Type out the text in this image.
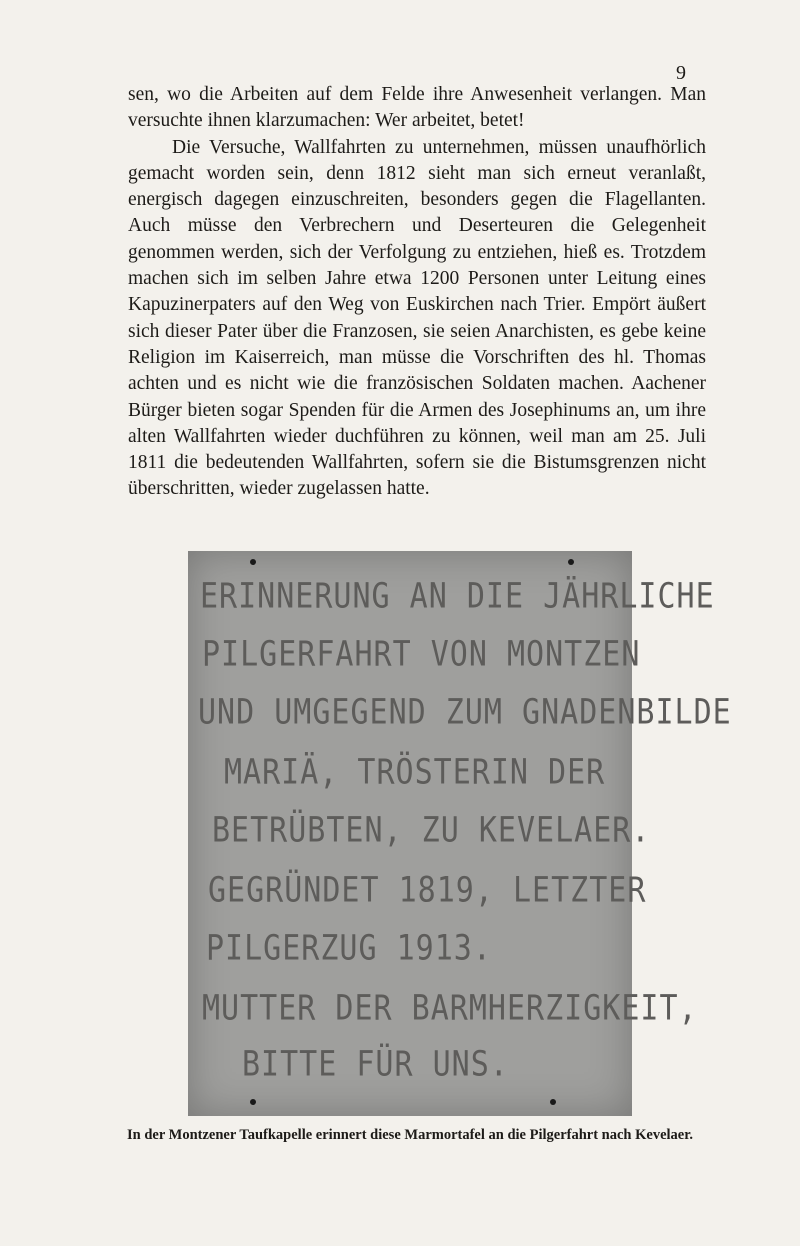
9

sen, wo die Arbeiten auf dem Felde ihre Anwesenheit verlangen. Man versuchte ihnen klarzumachen: Wer arbeitet, betet!

Die Versuche, Wallfahrten zu unternehmen, müssen unaufhörlich gemacht worden sein, denn 1812 sieht man sich erneut veranlaßt, energisch dagegen einzuschreiten, besonders gegen die Flagellanten. Auch müsse den Verbrechern und Deserteuren die Gelegenheit genommen werden, sich der Verfolgung zu entziehen, hieß es. Trotzdem machen sich im selben Jahre etwa 1200 Personen unter Leitung eines Kapuzinerpaters auf den Weg von Euskirchen nach Trier. Empört äußert sich dieser Pater über die Franzosen, sie seien Anarchisten, es gebe keine Religion im Kaiserreich, man müsse die Vorschriften des hl. Thomas achten und es nicht wie die französischen Soldaten machen. Aachener Bürger bieten sogar Spenden für die Armen des Josephinums an, um ihre alten Wallfahrten wieder duchführen zu können, weil man am 25. Juli 1811 die bedeutenden Wallfahrten, sofern sie die Bistumsgrenzen nicht überschritten, wieder zugelassen hatte.

ERINNERUNG AN DIE JÄHRLICHE
PILGERFAHRT VON MONTZEN
UND UMGEGEND ZUM GNADENBILDE
MARIÄ, TRÖSTERIN DER
BETRÜBTEN, ZU KEVELAER.
GEGRÜNDET 1819, LETZTER
PILGERZUG 1913.
MUTTER DER BARMHERZIGKEIT,
BITTE FÜR UNS.
In der Montzener Taufkapelle erinnert diese Marmortafel an die Pilgerfahrt nach Kevelaer.
